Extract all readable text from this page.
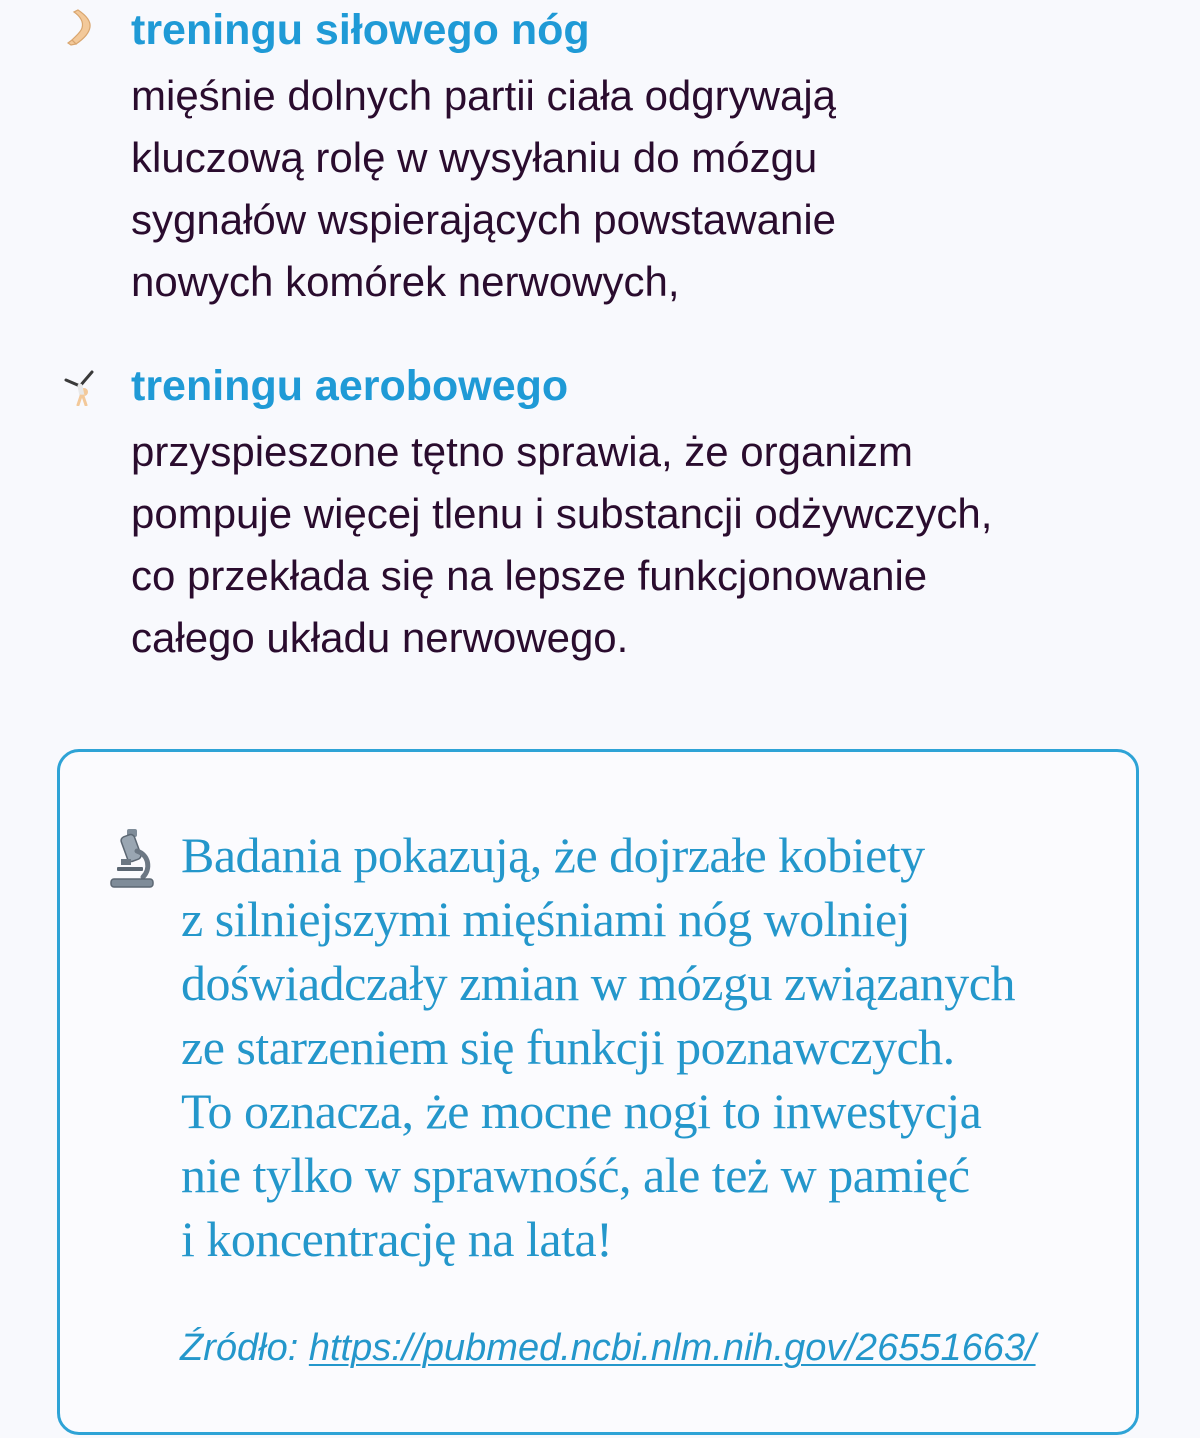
treningu siłowego nóg

mięśnie dolnych partii ciała odgrywają

kluczową rolę w wysyłaniu do mózgu

sygnałów wspierających powstawanie

nowych komórek nerwowych,

treningu aerobowego

przyspieszone tętno sprawia, że organizm

pompuje więcej tlenu i substancji odżywczych,

co przekłada się na lepsze funkcjonowanie

całego układu nerwowego.

Badania pokazują, że dojrzałe kobiety

z silniejszymi mięśniami nóg wolniej

doświadczały zmian w mózgu związanych

ze starzeniem się funkcji poznawczych.

To oznacza, że mocne nogi to inwestycja

nie tylko w sprawność, ale też w pamięć

i koncentrację na lata!

Źródło: https://pubmed.ncbi.nlm.nih.gov/26551663/
